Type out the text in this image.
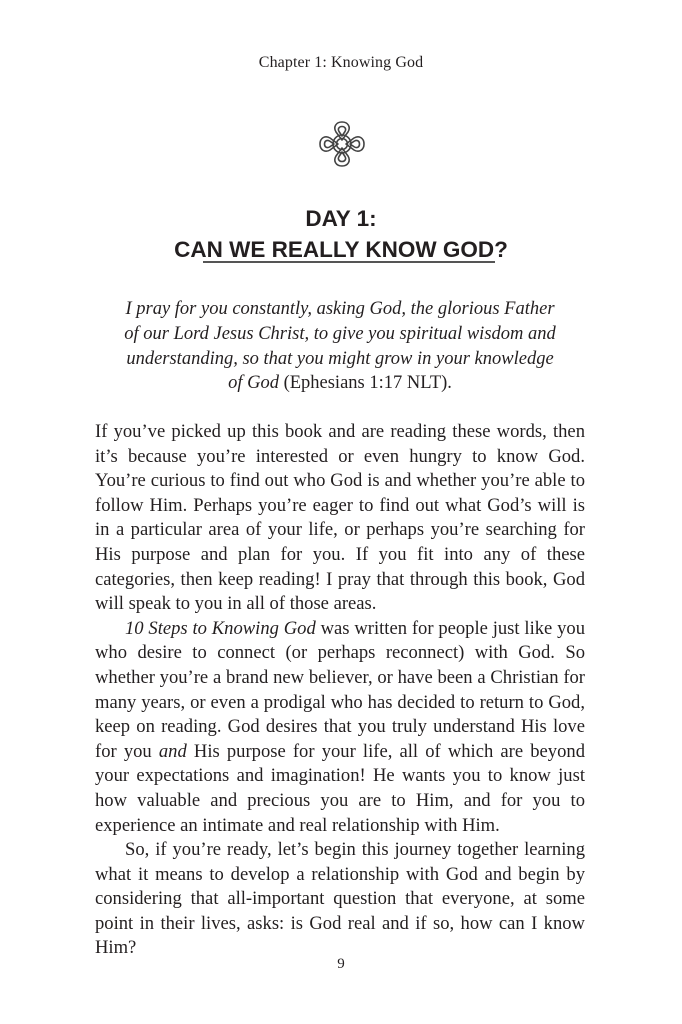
Chapter 1: Knowing God
DAY 1:
CAN WE REALLY KNOW GOD?
I pray for you constantly, asking God, the glorious Father of our Lord Jesus Christ, to give you spiritual wisdom and understanding, so that you might grow in your knowledge of God (Ephesians 1:17 NLT).

If you’ve picked up this book and are reading these words, then it’s because you’re interested or even hungry to know God. You’re curious to find out who God is and whether you’re able to follow Him. Perhaps you’re eager to find out what God’s will is in a particular area of your life, or perhaps you’re searching for His purpose and plan for you. If you fit into any of these categories, then keep reading! I pray that through this book, God will speak to you in all of those areas.

10 Steps to Knowing God was written for people just like you who desire to connect (or perhaps reconnect) with God. So whether you’re a brand new believer, or have been a Christian for many years, or even a prodigal who has decided to return to God, keep on reading. God desires that you truly understand His love for you and His purpose for your life, all of which are beyond your expectations and imagination! He wants you to know just how valuable and precious you are to Him, and for you to experience an intimate and real relationship with Him.

So, if you’re ready, let’s begin this journey together learning what it means to develop a relationship with God and begin by considering that all-important question that everyone, at some point in their lives, asks: is God real and if so, how can I know Him?

9
